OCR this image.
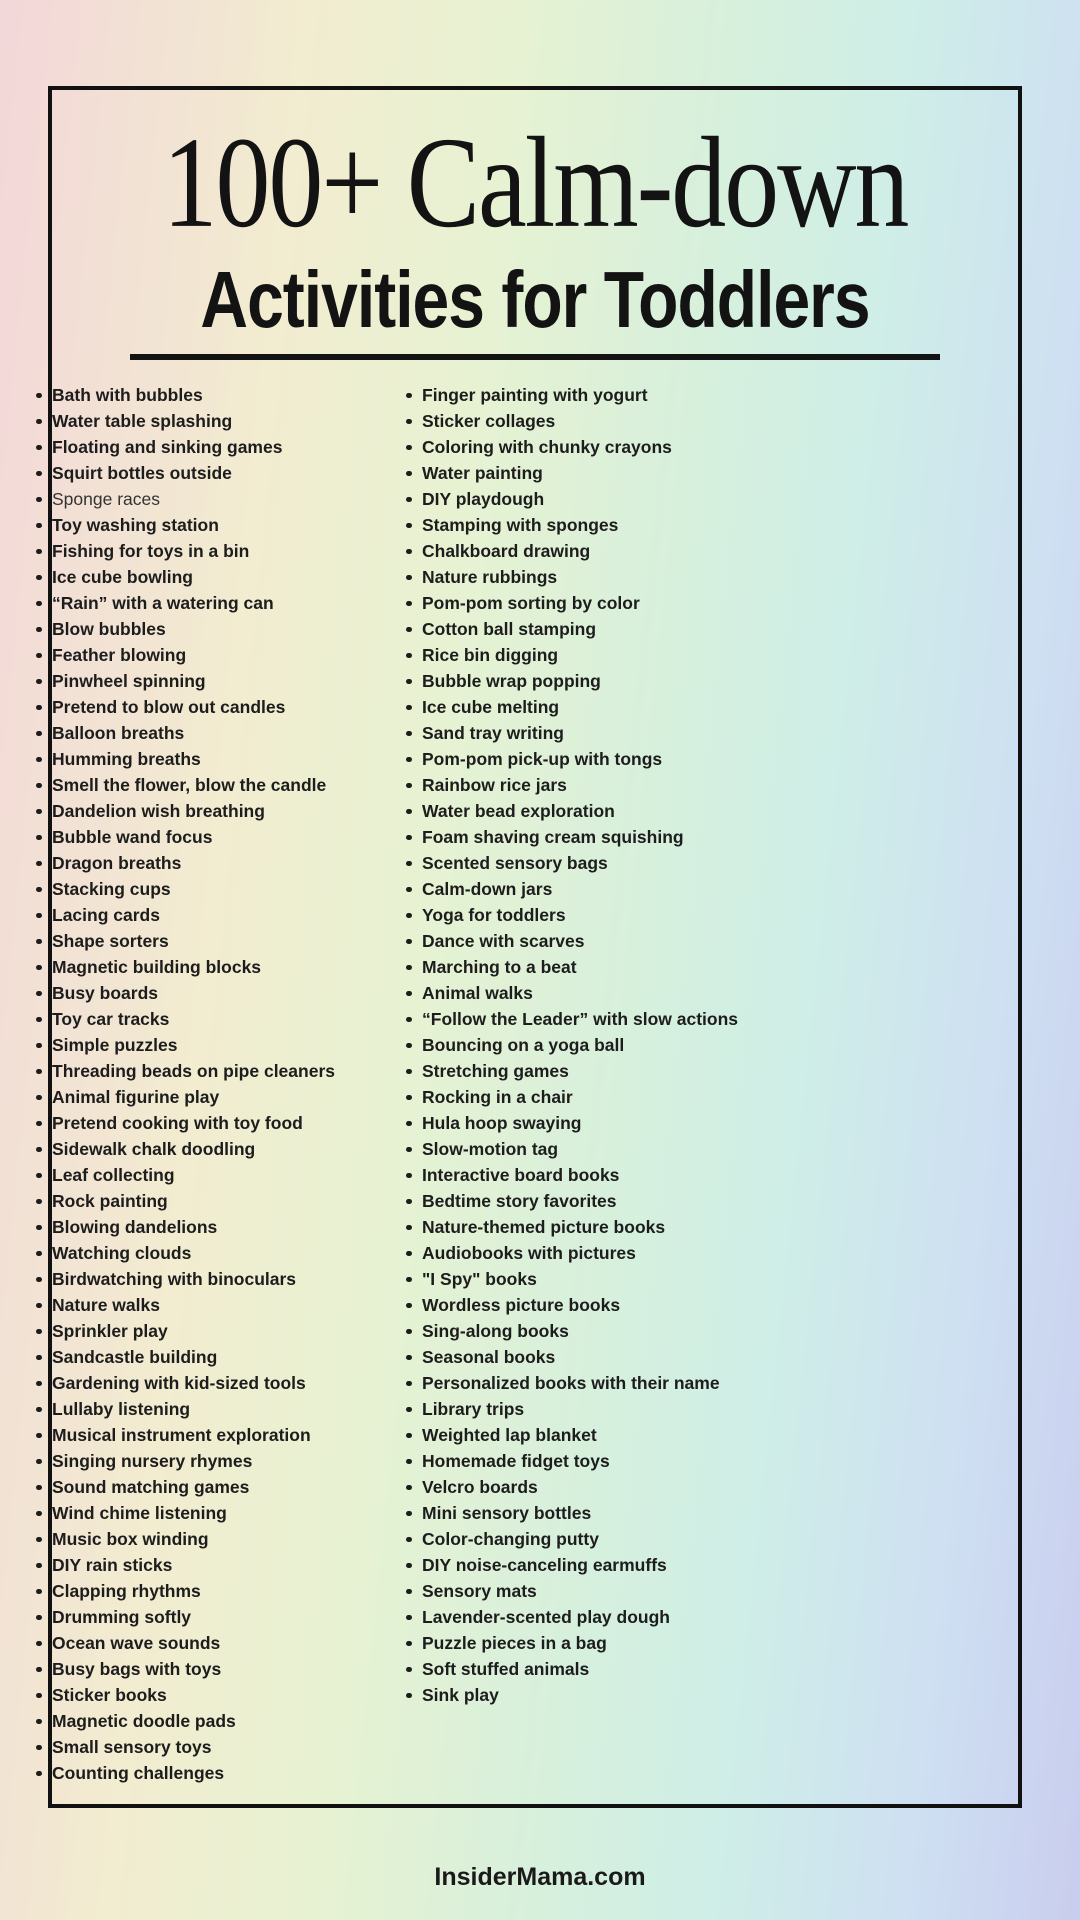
100+ Calm-down
Activities for Toddlers
Bath with bubbles
Water table splashing
Floating and sinking games
Squirt bottles outside
Sponge races
Toy washing station
Fishing for toys in a bin
Ice cube bowling
“Rain” with a watering can
Blow bubbles
Feather blowing
Pinwheel spinning
Pretend to blow out candles
Balloon breaths
Humming breaths
Smell the flower, blow the candle
Dandelion wish breathing
Bubble wand focus
Dragon breaths
Stacking cups
Lacing cards
Shape sorters
Magnetic building blocks
Busy boards
Toy car tracks
Simple puzzles
Threading beads on pipe cleaners
Animal figurine play
Pretend cooking with toy food
Sidewalk chalk doodling
Leaf collecting
Rock painting
Blowing dandelions
Watching clouds
Birdwatching with binoculars
Nature walks
Sprinkler play
Sandcastle building
Gardening with kid-sized tools
Lullaby listening
Musical instrument exploration
Singing nursery rhymes
Sound matching games
Wind chime listening
Music box winding
DIY rain sticks
Clapping rhythms
Drumming softly
Ocean wave sounds
Busy bags with toys
Sticker books
Magnetic doodle pads
Small sensory toys
Counting challenges
Finger painting with yogurt
Sticker collages
Coloring with chunky crayons
Water painting
DIY playdough
Stamping with sponges
Chalkboard drawing
Nature rubbings
Pom-pom sorting by color
Cotton ball stamping
Rice bin digging
Bubble wrap popping
Ice cube melting
Sand tray writing
Pom-pom pick-up with tongs
Rainbow rice jars
Water bead exploration
Foam shaving cream squishing
Scented sensory bags
Calm-down jars
Yoga for toddlers
Dance with scarves
Marching to a beat
Animal walks
“Follow the Leader” with slow actions
Bouncing on a yoga ball
Stretching games
Rocking in a chair
Hula hoop swaying
Slow-motion tag
Interactive board books
Bedtime story favorites
Nature-themed picture books
Audiobooks with pictures
"I Spy" books
Wordless picture books
Sing-along books
Seasonal books
Personalized books with their name
Library trips
Weighted lap blanket
Homemade fidget toys
Velcro boards
Mini sensory bottles
Color-changing putty
DIY noise-canceling earmuffs
Sensory mats
Lavender-scented play dough
Puzzle pieces in a bag
Soft stuffed animals
Sink play
InsiderMama.com
